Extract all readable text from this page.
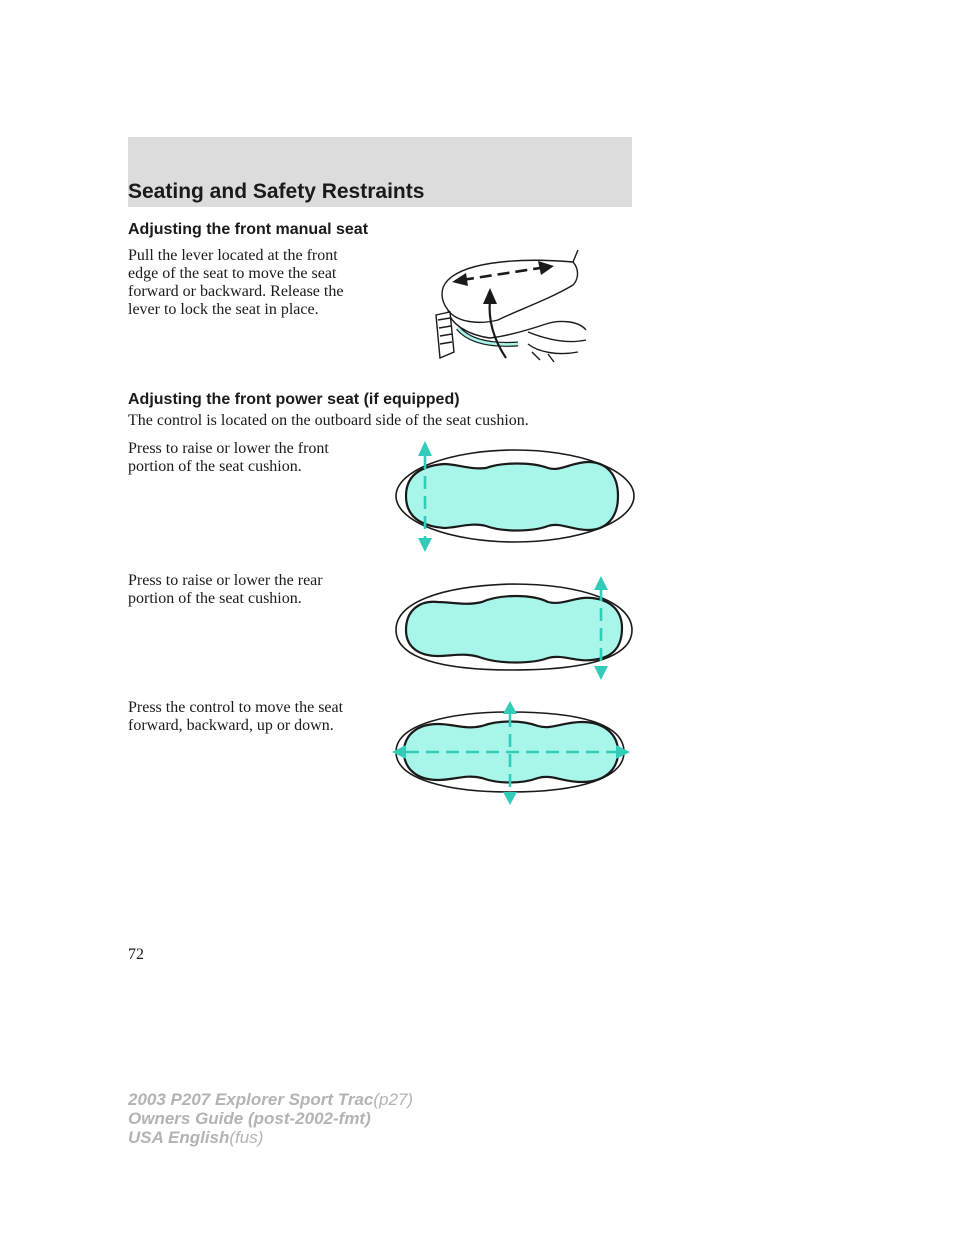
Seating and Safety Restraints
Adjusting the front manual seat
Pull the lever located at the front
edge of the seat to move the seat
forward or backward. Release the
lever to lock the seat in place.
Adjusting the front power seat (if equipped)
The control is located on the outboard side of the seat cushion.
Press to raise or lower the front
portion of the seat cushion.
Press to raise or lower the rear
portion of the seat cushion.
Press the control to move the seat
forward, backward, up or down.
72
2003 P207 Explorer Sport Trac(p27)
Owners Guide (post-2002-fmt)
USA English(fus)
